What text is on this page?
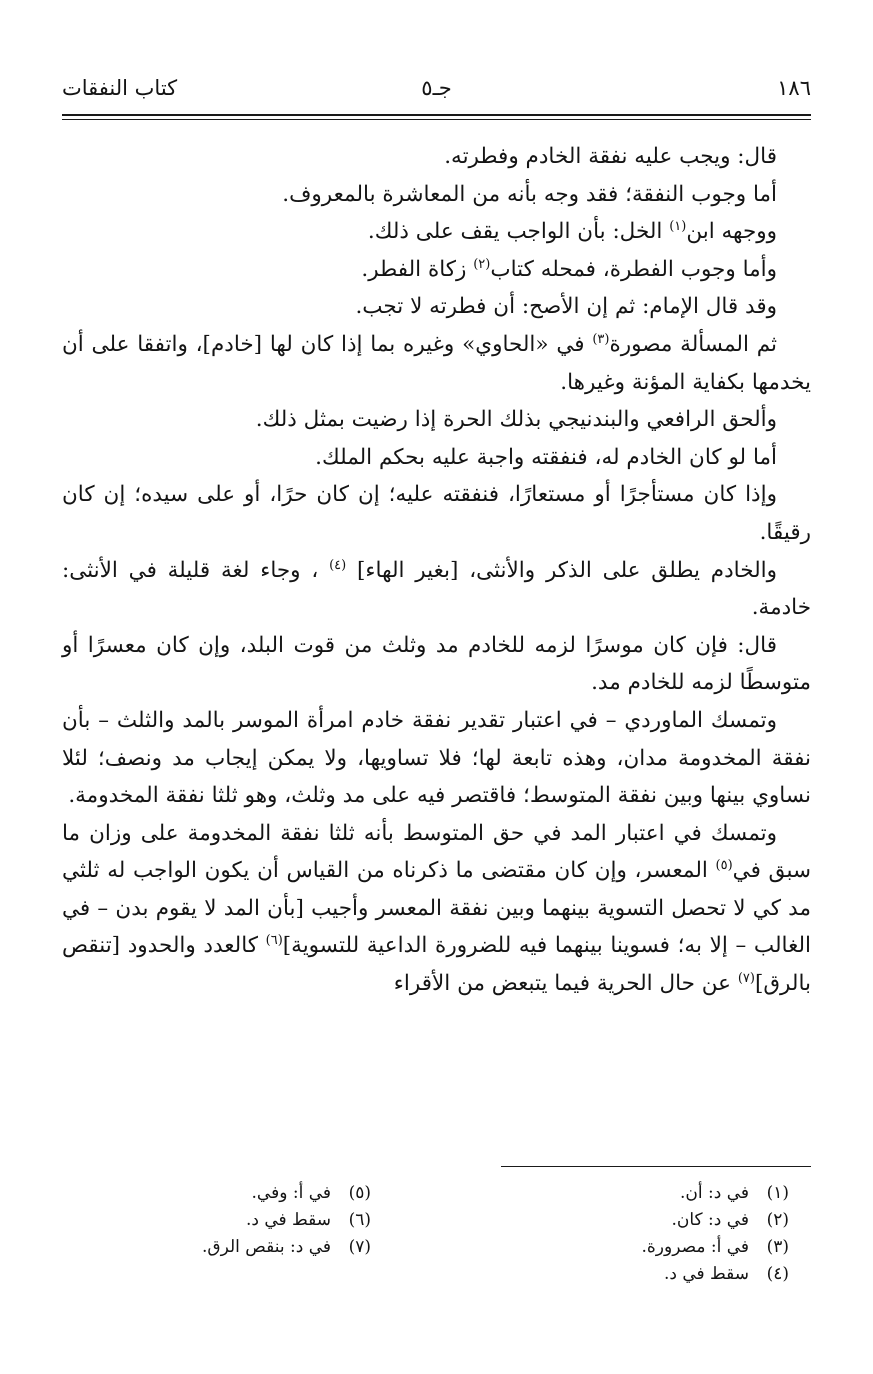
١٨٦
جـ٥
كتاب النفقات

قال: ويجب عليه نفقة الخادم وفطرته.

أما وجوب النفقة؛ فقد وجه بأنه من المعاشرة بالمعروف.

ووجهه ابن$^{(١)}$ الخل: بأن الواجب يقف على ذلك.

وأما وجوب الفطرة، فمحله كتاب$^{(٢)}$ زكاة الفطر.

وقد قال الإمام: ثم إن الأصح: أن فطرته لا تجب.

ثم المسألة مصورة$^{(٣)}$ في «الحاوي» وغيره بما إذا كان لها [خادم]، واتفقا على أن يخدمها بكفاية المؤنة وغيرها.

وألحق الرافعي والبندنيجي بذلك الحرة إذا رضيت بمثل ذلك.

أما لو كان الخادم له، فنفقته واجبة عليه بحكم الملك.

وإذا كان مستأجرًا أو مستعارًا، فنفقته عليه؛ إن كان حرًا، أو على سيده؛ إن كان رقيقًا.

والخادم يطلق على الذكر والأنثى، [بغير الهاء] $^{(٤)}$ ، وجاء لغة قليلة في الأنثى: خادمة.

قال: فإن كان موسرًا لزمه للخادم مد وثلث من قوت البلد، وإن كان معسرًا أو متوسطًا لزمه للخادم مد.

وتمسك الماوردي – في اعتبار تقدير نفقة خادم امرأة الموسر بالمد والثلث – بأن نفقة المخدومة مدان، وهذه تابعة لها؛ فلا تساويها، ولا يمكن إيجاب مد ونصف؛ لئلا نساوي بينها وبين نفقة المتوسط؛ فاقتصر فيه على مد وثلث، وهو ثلثا نفقة المخدومة.

وتمسك في اعتبار المد في حق المتوسط بأنه ثلثا نفقة المخدومة على وزان ما سبق في$^{(٥)}$ المعسر، وإن كان مقتضى ما ذكرناه من القياس أن يكون الواجب له ثلثي مد كي لا تحصل التسوية بينهما وبين نفقة المعسر وأجيب [بأن المد لا يقوم بدن – في الغالب – إلا به؛ فسوينا بينهما فيه للضرورة الداعية للتسوية]$^{(٦)}$ كالعدد والحدود [تنقص بالرق]$^{(٧)}$ عن حال الحرية فيما يتبعض من الأقراء

(١)في د: أن.
(٢)في د: كان.
(٣)في أ: مصرورة.
(٤)سقط في د.
(٥)في أ: وفي.
(٦)سقط في د.
(٧)في د: بنقص الرق.
